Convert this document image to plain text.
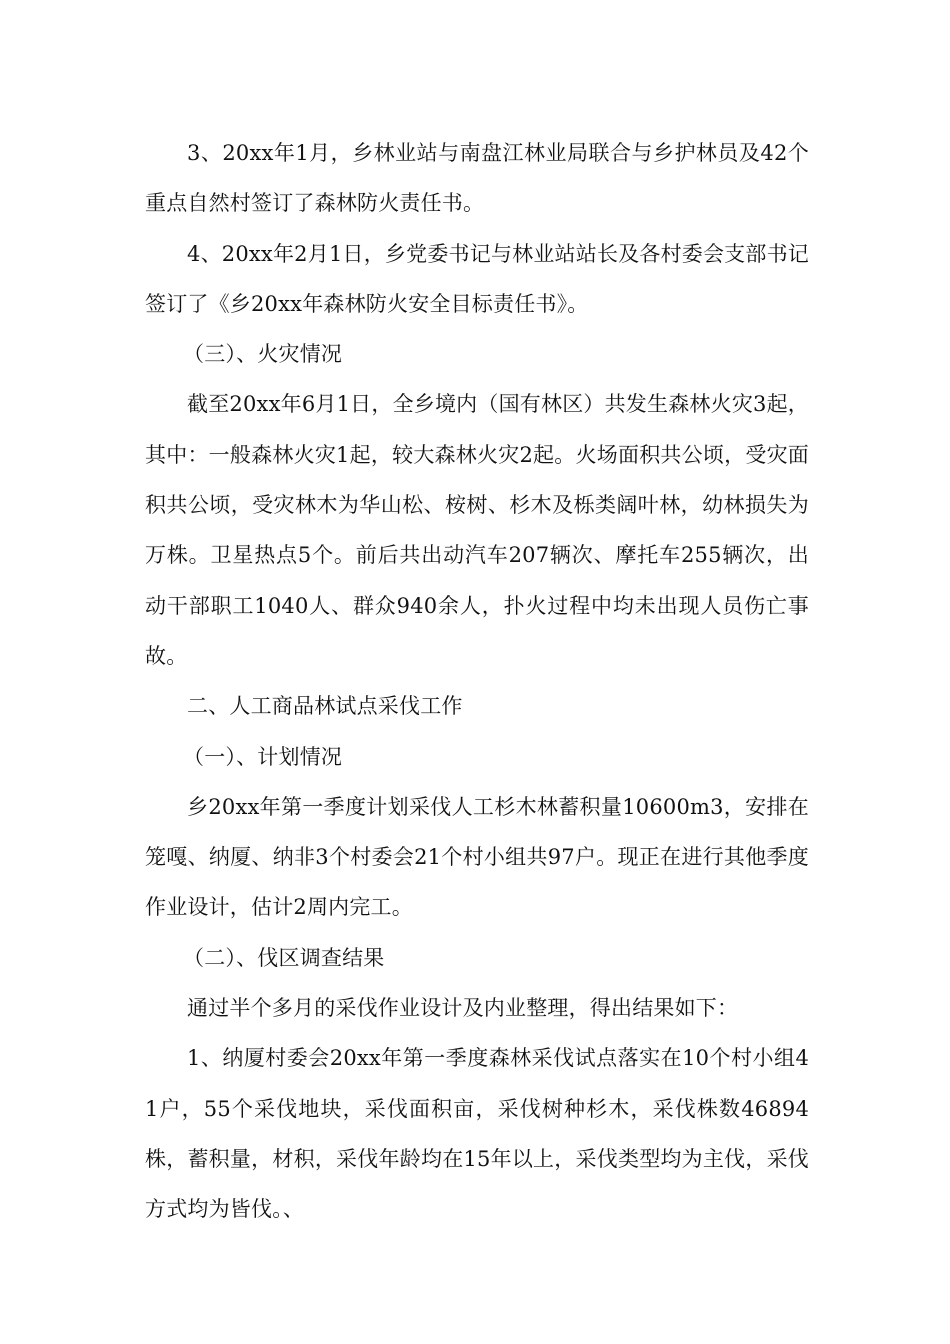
3、20xx年1月，乡林业站与南盘江林业局联合与乡护林员及42个重点自然村签订了森林防火责任书。

4、20xx年2月1日，乡党委书记与林业站站长及各村委会支部书记签订了《乡20xx年森林防火安全目标责任书》。

（三）、火灾情况

截至20xx年6月1日，全乡境内（国有林区）共发生森林火灾3起，其中：一般森林火灾1起，较大森林火灾2起。火场面积共公顷，受灾面积共公顷，受灾林木为华山松、桉树、杉木及栎类阔叶林，幼林损失为万株。卫星热点5个。前后共出动汽车207辆次、摩托车255辆次，出动干部职工1040人、群众940余人，扑火过程中均未出现人员伤亡事故。

二、人工商品林试点采伐工作

（一）、计划情况

乡20xx年第一季度计划采伐人工杉木林蓄积量10600m3，安排在笼嘎、纳厦、纳非3个村委会21个村小组共97户。现正在进行其他季度作业设计，估计2周内完工。

（二）、伐区调查结果

通过半个多月的采伐作业设计及内业整理，得出结果如下：

1、纳厦村委会20xx年第一季度森林采伐试点落实在10个村小组41户，55个采伐地块，采伐面积亩，采伐树种杉木，采伐株数46894株，蓄积量，材积，采伐年龄均在15年以上，采伐类型均为主伐，采伐方式均为皆伐。、
